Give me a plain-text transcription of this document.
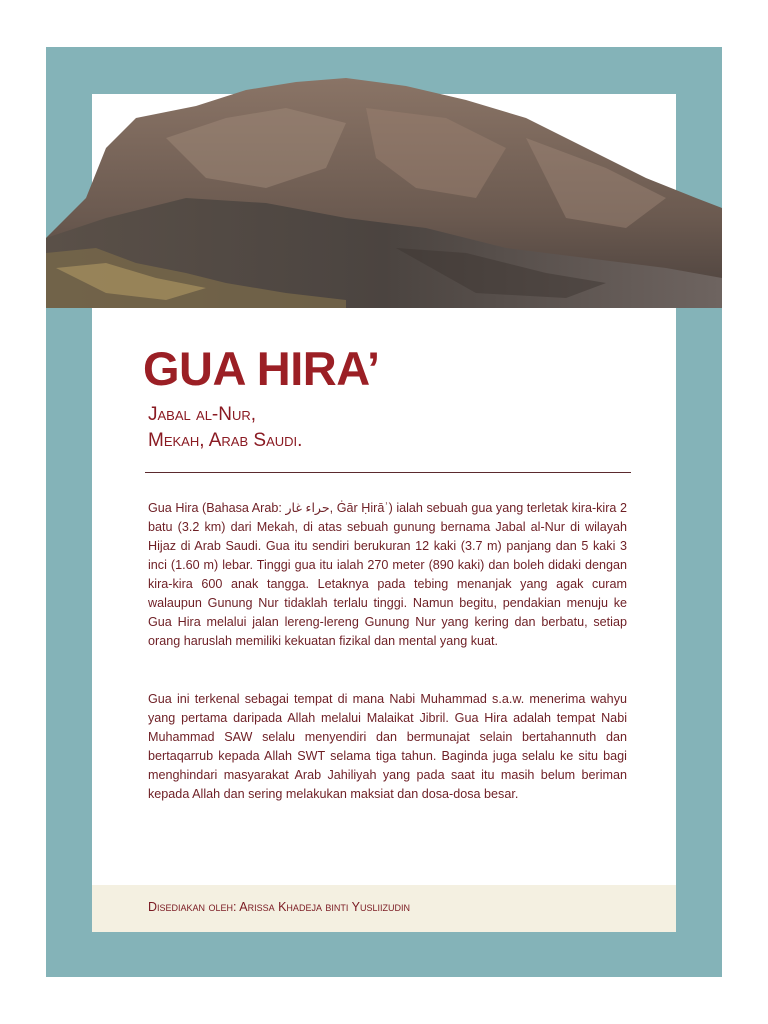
GUA HIRA’

Jabal al-Nur,

Mekah, Arab Saudi.

Gua Hira (Bahasa Arab: حراء غار, Ġār Ḥirāʾ) ialah sebuah gua yang terletak kira-kira 2 batu (3.2 km) dari Mekah, di atas sebuah gunung bernama Jabal al-Nur di wilayah Hijaz di Arab Saudi. Gua itu sendiri berukuran 12 kaki (3.7 m) panjang dan 5 kaki 3 inci (1.60 m) lebar. Tinggi gua itu ialah 270 meter (890 kaki) dan boleh didaki dengan kira-kira 600 anak tangga. Letaknya pada tebing menanjak yang agak curam walaupun Gunung Nur tidaklah terlalu tinggi. Namun begitu, pendakian menuju ke Gua Hira melalui jalan lereng-lereng Gunung Nur yang kering dan berbatu, setiap orang haruslah memiliki kekuatan fizikal dan mental yang kuat.

Gua ini terkenal sebagai tempat di mana Nabi Muhammad s.a.w. menerima wahyu yang pertama daripada Allah melalui Malaikat Jibril. Gua Hira adalah tempat Nabi Muhammad SAW selalu menyendiri dan bermunajat selain bertahannuth dan bertaqarrub kepada Allah SWT selama tiga tahun. Baginda juga selalu ke situ bagi menghindari masyarakat Arab Jahiliyah yang pada saat itu masih belum beriman kepada Allah dan sering melakukan maksiat dan dosa-dosa besar.

Disediakan oleh: Arissa Khadeja binti Yusliizudin
